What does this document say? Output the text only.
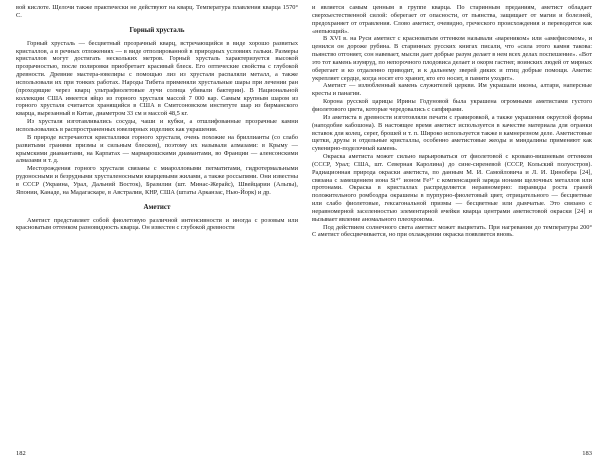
вой кислоте. Щелочи также практически не действуют на кварц. Температура плавления кварца 1570° С.

Горный хрусталь

Горный хрусталь — бесцветный прозрачный кварц, встречающийся в виде хорошо развитых кристаллов, а в речных отложениях — в виде отполированной в природных условиях гальки. Размеры кристаллов могут достигать нескольких метров. Горный хрусталь характеризуется высокой прозрачностью, после полировки приобретает красивый блеск. Его оптические свойства с глубокой древности. Древние мастера-ювелиры с помощью лиз из хрусталя распаляли металл, а также использовали их при тонких работах. Народы Тибета применяли хрустальные шары при лечении ран (проходящие через кварц ультрафиолетовые лучи солнца убивали бактерии). В Национальной коллекции США имеется яйцо из горного хрусталя массой 7 000 кар. Самым крупным шаром из горного хрусталя считается хранящийся в США в Смитсоновском институте шар из бирманского кварца, вырезанный в Китае, диаметром 33 см и массой 48,5 кг.

Из хрусталя изготавливались сосуды, чаши и кубки, а отшлифованные прозрачные камни использовались в распространенных ювелирных изделиях как украшения.

В природе встречаются кристаллики горного хрусталя, очень похожие на бриллианты (со слабо развитыми гранями призмы и сильным блеском), поэтому их называли алмазами: в Крыму — крымскими диамантами, на Карпатах — мармарошскими диамантами, во Франции — аленсонскими алмазами и т. д.

Месторождения горного хрусталя связаны с миаролловыми пегматитами, гидротермальными рудоносными и безрудными хрусталеносными кварцевыми жилами, а также россыпями. Они известны в СССР (Украина, Урал, Дальний Восток), Бразилии (шт. Минас-Жерайс), Швейцарии (Альпы), Японии, Канаде, на Мадагаскаре, в Австралии, КНР, США (штаты Арканзас, Нью-Йорк) и др.

Аметист

Аметист представляет собой фиолетовую различной интенсивности и иногда с розовым или красноватым оттенком разновидность кварца. Он известен с глубокой древности

182

и является самым ценным в группе кварца. По старинным преданиям, аметист обладает сверхъестественной силой: оберегает от опасности, от пьянства, защищает от магии и болезней, предохраняет от отравления. Слово аметист, очевидно, греческого происхождения и переводится как «непьющий».

В XVI в. на Руси аметист с красноватым оттенком называли «вареником» или «амефисомом», и ценился он дороже рубина. В старинных русских книгах писали, что «сила этого камня такова: пьянство отгоняет, сон навевает, мысли дает добрые разум делает в нем всех делах поспешение». «Вот это тот камень изумруд, по непорочного плодовиса делает и окорм гастнег, воинских людей от мирных оберегает и ко отдаленно приводит, и к дальнему зверей диких и птиц добрые помощи. Аметис укрепляет сердце, когда носят его хранит, кто его носит, в памяти уходит».

Аметист — излюбленный камень служителей церкви. Им украшали иконы, алтари, наперсные кресты и панагии.

Корона русской царицы Ирины Годуновой была украшена огромными аметистами густого фиолетового цвета, которые чередовались с сапфирами.

Из аметиста в древности изготовляли печати с гравировкой, а также украшения округлой формы (наподобие кабошона). В настоящее время аметист используется в качестве материала для огранки вставок для колец, серег, брошей и т. п. Широко используется также в камнерезном деле. Аметистовые щетки, друзы и отдельные кристаллы, особенно аметистовые жеоды и миндалины применяют как сувенирно-поделочный камень.

Окраска аметиста может сильно варьироваться от фиолетовой с кроваво-вишневым оттенком (СССР, Урал; США, шт. Северная Каролина) до сине-сиреневой (СССР, Кольский полуостров). Радиационная природа окраски аметиста, по данным М. И. Самойловича и Л. И. Цинобера [24], связана с замещением иона Si⁴⁺ ионом Fe³⁺ с компенсацией заряда ионами щелочных металлов или протонами. Окраска в кристаллах распределяется неравномерно: пирамиды роста граней положительного ромбоэдра окрашены в пурпурно-фиолетовый цвет, отрицательного — бесцветные или слабо фиолетовые, гексагональной призмы — бесцветные или дымчатые. Это связано с неравномерной заселенностью элементарной ячейки кварца центрами аметистовой окраски [24] и вызывает явление аномального плеохроизма.

Под действием солнечного света аметист может выцветать. При нагревании до температуры 200° С аметист обесцвечивается, но при охлаждении окраска появляется вновь.

183
